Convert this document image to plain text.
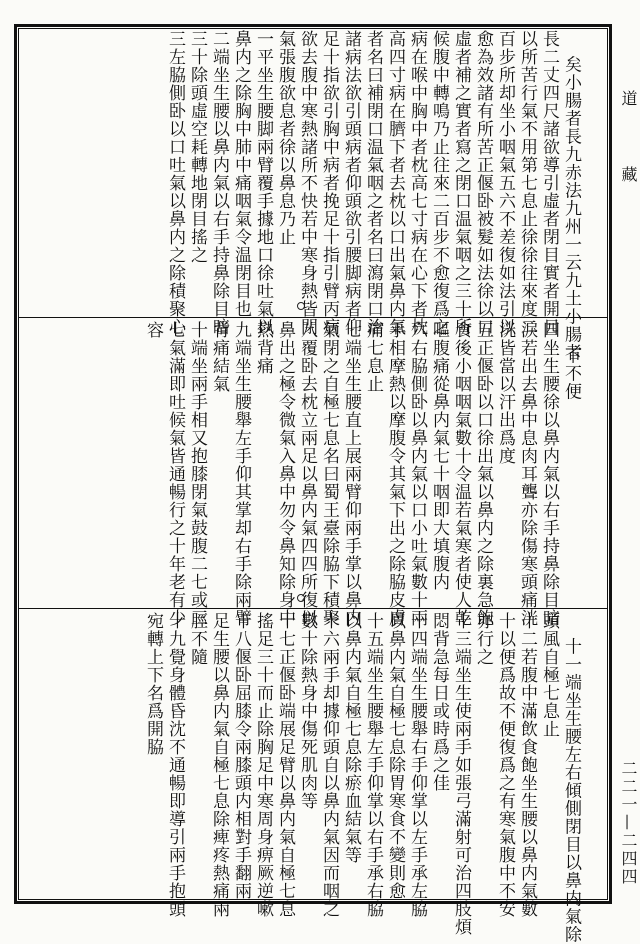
矣小腸者長九赤法九州一云九土小腸者長二丈四尺諸欲導引虛者閉目實者開目以所苦行氣不用第七息止徐徐往來度二百步所却坐小咽氣五六不差復如法引以愈為效諸有所苦正偃卧被髮如法徐以口虛者補之實者寫之閉口温氣咽之三十所候腹中轉鳴乃止往來二百步不愈復爲之病在喉中胸中者枕高七寸病在心下者枕高四寸病在臍下者去枕以口出氣鼻内氣者名曰補閉口温氣咽之者名曰瀉閉口治諸病法欲引頭病者仰頭欲引腰脚病者仰足十指欲引胸中病者挽足十指引臂丙病欲去腹中寒熱諸所不快若中寒身熱皆閉氣張腹欲息者徐以鼻息乃止一平坐生腰脚兩臂覆手據地口徐吐氣以鼻内之除胸中肺中痛咽氣令温閉目也二端坐生腰以鼻内氣以右手持鼻除目暗三十除頭虛空耗轉地閉目搖之三左脇側卧以口吐氣以鼻内之除積聚心

下不便四坐生腰徐以鼻内氣以右手持鼻除目暗淚若出去鼻中息肉耳聾亦除傷寒頭痛洸洸皆當以汗出爲度五正偃卧以口徐出氣以鼻内之除裏急飽食後小咽咽氣數十令温若氣寒者使人乾嘔腹痛從鼻内氣七十咽即大填腹内六右脇側卧以鼻内氣以口小吐氣數十兩手相摩熱以摩腹令其氣下出之除脇皮膚痛七息止七端坐生腰直上展兩臂仰兩手掌以鼻内氣閉之自極七息名曰蜀王臺除脇下積聚八覆卧去枕立兩足以鼻内氣四四所復以鼻出之極令微氣入鼻中勿令鼻知除身中熱背痛九端坐生腰舉左手仰其掌却右手除兩臂背痛結氣十端坐兩手相又抱膝閉氣鼓腹二七或三七氣滿即吐候氣皆通暢行之十年老有少容

十一端坐生腰左右傾側閉目以鼻内氣除頭風自極七息止十二若腹中滿飲食飽坐生腰以鼻内氣數十以便爲故不便復爲之有寒氣腹中不安亦行之十三端坐生使兩手如張弓滿射可治四肢煩悶背急每日或時爲之佳十四端坐生腰舉右手仰掌以左手承左脇以鼻内氣自極七息除胃寒食不變則愈十五端坐生腰舉左手仰掌以右手承右脇以鼻内氣自極七息除瘀血結氣等十六兩手却據仰頭自以鼻内氣因而咽之數十除熱身中傷死肌肉等十七正偃卧端展足臂以鼻内氣自極七息搖足三十而止除胸足中寒周身痹厥逆嗽十八偃卧屈膝令兩膝頭内相對手翻兩足生腰以鼻内氣自極七息除痺疼熱痛兩脛不隨十九覺身體昏沈不通暢即導引兩手抱頭宛轉上下名爲開脇

道　藏
二二一—二四四
